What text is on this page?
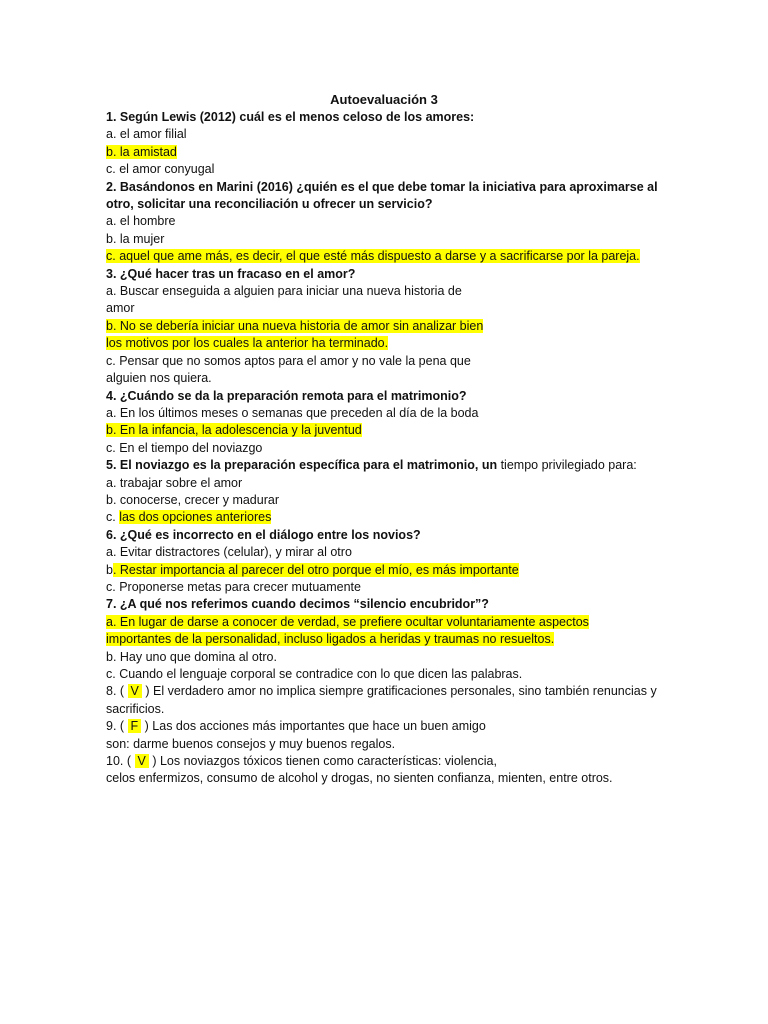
Autoevaluación 3
1. Según Lewis (2012) cuál es el menos celoso de los amores:
a. el amor filial
b. la amistad
c. el amor conyugal
2. Basándonos en Marini (2016) ¿quién es el que debe tomar la iniciativa para aproximarse al
otro, solicitar una reconciliación u ofrecer un servicio?
a. el hombre
b. la mujer
c. aquel que ame más, es decir, el que esté más dispuesto a darse y a sacrificarse por la pareja.
3. ¿Qué hacer tras un fracaso en el amor?
a. Buscar enseguida a alguien para iniciar una nueva historia de
amor
b. No se debería iniciar una nueva historia de amor sin analizar bien
los motivos por los cuales la anterior ha terminado.
c. Pensar que no somos aptos para el amor y no vale la pena que
alguien nos quiera.
4. ¿Cuándo se da la preparación remota para el matrimonio?
a. En los últimos meses o semanas que preceden al día de la boda
b. En la infancia, la adolescencia y la juventud
c. En el tiempo del noviazgo
5. El noviazgo es la preparación específica para el matrimonio, un tiempo privilegiado para:
a. trabajar sobre el amor
b. conocerse, crecer y madurar
c. las dos opciones anteriores
6. ¿Qué es incorrecto en el diálogo entre los novios?
a. Evitar distractores (celular), y mirar al otro
b. Restar importancia al parecer del otro porque el mío, es más importante
c. Proponerse metas para crecer mutuamente
7. ¿A qué nos referimos cuando decimos “silencio encubridor”?
a. En lugar de darse a conocer de verdad, se prefiere ocultar voluntariamente aspectos
importantes de la personalidad, incluso ligados a heridas y traumas no resueltos.
b. Hay uno que domina al otro.
c. Cuando el lenguaje corporal se contradice con lo que dicen las palabras.
8. ( V ) El verdadero amor no implica siempre gratificaciones personales, sino también renuncias y
sacrificios.
9. ( F ) Las dos acciones más importantes que hace un buen amigo
son: darme buenos consejos y muy buenos regalos.
10. ( V ) Los noviazgos tóxicos tienen como características: violencia,
celos enfermizos, consumo de alcohol y drogas, no sienten confianza, mienten, entre otros.
